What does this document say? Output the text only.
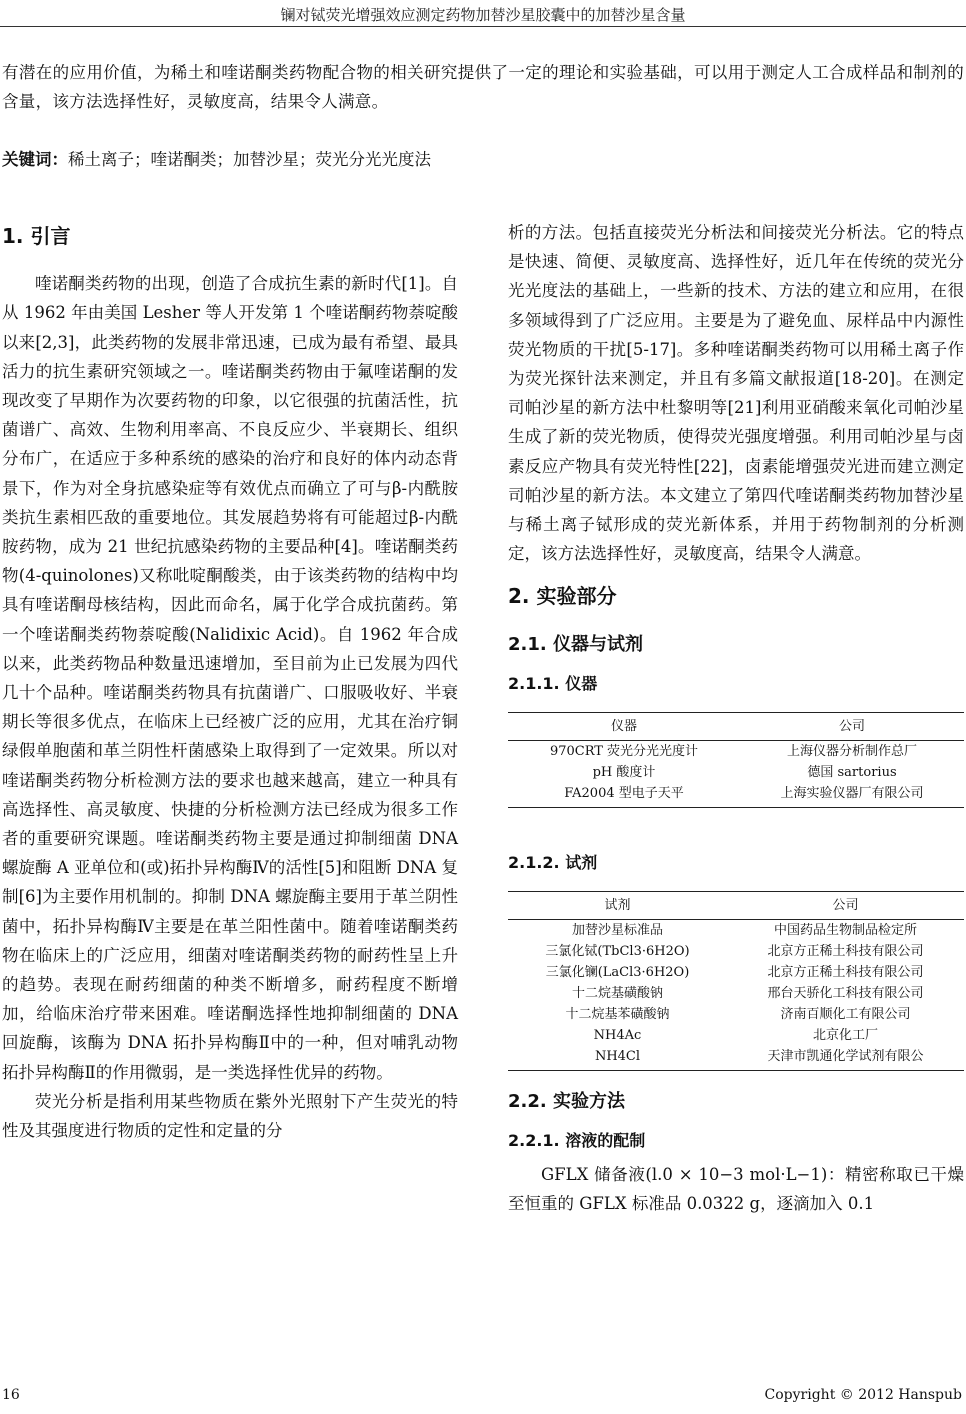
镧对铽荧光增强效应测定药物加替沙星胶囊中的加替沙星含量
有潜在的应用价值，为稀土和喹诺酮类药物配合物的相关研究提供了一定的理论和实验基础，可以用于测定人工合成样品和制剂的含量，该方法选择性好，灵敏度高，结果令人满意。
关键词：稀土离子；喹诺酮类；加替沙星；荧光分光光度法
1. 引言

喹诺酮类药物的出现，创造了合成抗生素的新时代[1]。自从 1962 年由美国 Lesher 等人开发第 1 个喹诺酮药物萘啶酸以来[2,3]，此类药物的发展非常迅速，已成为最有希望、最具活力的抗生素研究领域之一。喹诺酮类药物由于氟喹诺酮的发现改变了早期作为次要药物的印象，以它很强的抗菌活性，抗菌谱广、高效、生物利用率高、不良反应少、半衰期长、组织分布广，在适应于多种系统的感染的治疗和良好的体内动态背景下，作为对全身抗感染症等有效优点而确立了可与β-内酰胺类抗生素相匹敌的重要地位。其发展趋势将有可能超过β-内酰胺药物，成为 21 世纪抗感染药物的主要品种[4]。喹诺酮类药物(4-quinolones)又称吡啶酮酸类，由于该类药物的结构中均具有喹诺酮母核结构，因此而命名，属于化学合成抗菌药。第一个喹诺酮类药物萘啶酸(Nalidixic Acid)。自 1962 年合成以来，此类药物品种数量迅速增加，至目前为止已发展为四代几十个品种。喹诺酮类药物具有抗菌谱广、口服吸收好、半衰期长等很多优点，在临床上已经被广泛的应用，尤其在治疗铜绿假单胞菌和革兰阴性杆菌感染上取得到了一定效果。所以对喹诺酮类药物分析检测方法的要求也越来越高，建立一种具有高选择性、高灵敏度、快捷的分析检测方法已经成为很多工作者的重要研究课题。喹诺酮类药物主要是通过抑制细菌 DNA 螺旋酶 A 亚单位和(或)拓扑异构酶Ⅳ的活性[5]和阻断 DNA 复制[6]为主要作用机制的。抑制 DNA 螺旋酶主要用于革兰阴性菌中，拓扑异构酶Ⅳ主要是在革兰阳性菌中。随着喹诺酮类药物在临床上的广泛应用，细菌对喹诺酮类药物的耐药性呈上升的趋势。表现在耐药细菌的种类不断增多，耐药程度不断增加，给临床治疗带来困难。喹诺酮选择性地抑制细菌的 DNA 回旋酶，该酶为 DNA 拓扑异构酶Ⅱ中的一种，但对哺乳动物拓扑异构酶Ⅱ的作用微弱，是一类选择性优异的药物。

荧光分析是指利用某些物质在紫外光照射下产生荧光的特性及其强度进行物质的定性和定量的分

析的方法。包括直接荧光分析法和间接荧光分析法。它的特点是快速、简便、灵敏度高、选择性好，近几年在传统的荧光分光光度法的基础上，一些新的技术、方法的建立和应用，在很多领域得到了广泛应用。主要是为了避免血、尿样品中内源性荧光物质的干扰[5-17]。多种喹诺酮类药物可以用稀土离子作为荧光探针法来测定，并且有多篇文献报道[18-20]。在测定司帕沙星的新方法中杜黎明等[21]利用亚硝酸来氧化司帕沙星生成了新的荧光物质，使得荧光强度增强。利用司帕沙星与卤素反应产物具有荧光特性[22]，卤素能增强荧光进而建立测定司帕沙星的新方法。本文建立了第四代喹诺酮类药物加替沙星与稀土离子铽形成的荧光新体系，并用于药物制剂的分析测定，该方法选择性好，灵敏度高，结果令人满意。

2. 实验部分
2.1. 仪器与试剂
2.1.1. 仪器
仪器	公司
970CRT 荧光分光光度计	上海仪器分析制作总厂
pH 酸度计	德国 sartorius
FA2004 型电子天平	上海实验仪器厂有限公司
2.1.2. 试剂
试剂	公司
加替沙星标准品	中国药品生物制品检定所
三氯化铽(TbCl3·6H2O)	北京方正稀土科技有限公司
三氯化镧(LaCl3·6H2O)	北京方正稀土科技有限公司
十二烷基磺酸钠	邢台天骄化工科技有限公司
十二烷基苯磺酸钠	济南百顺化工有限公司
NH4Ac	北京化工厂
NH4Cl	天津市凯通化学试剂有限公
2.2. 实验方法
2.2.1. 溶液的配制

GFLX 储备液(l.0 × 10−3 mol·L−1)：精密称取已干燥至恒重的 GFLX 标准品 0.0322 g，逐滴加入 0.1

16	Copyright © 2012 Hanspub
